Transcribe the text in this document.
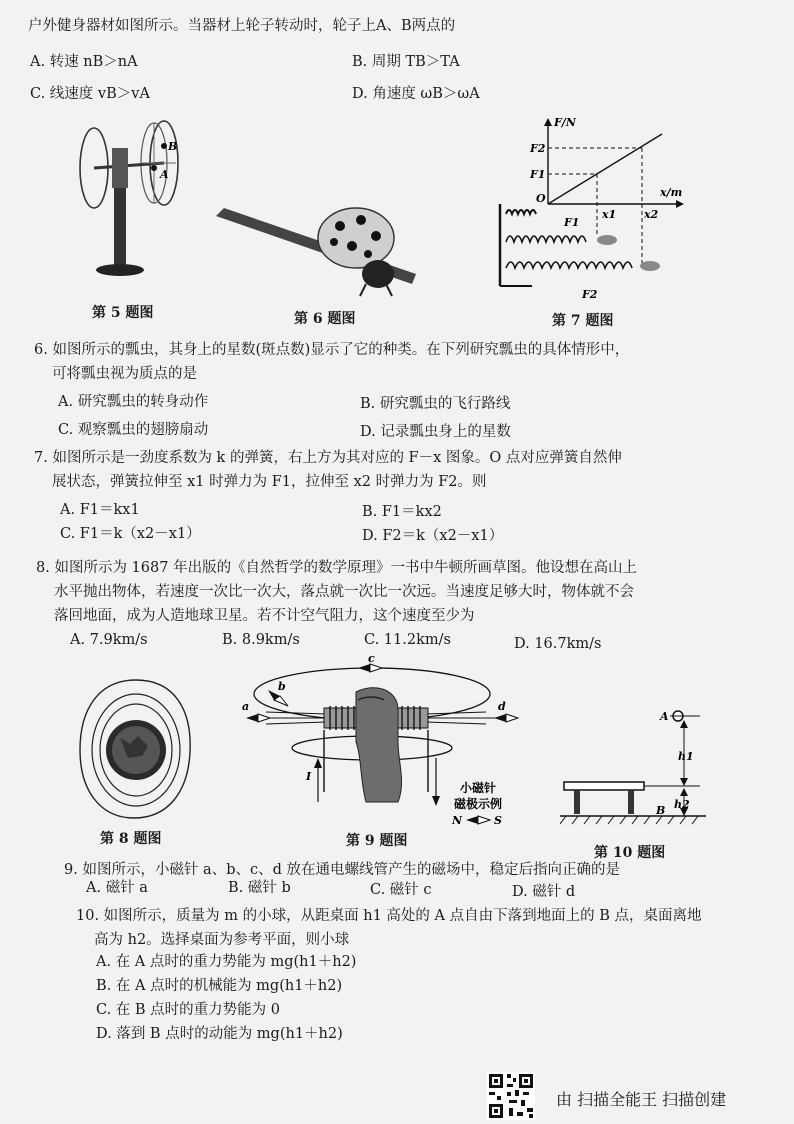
户外健身器材如图所示。当器材上轮子转动时，轮子上A、B两点的
A. 转速 nB＞nA	B. 周期 TB＞TA
C. 线速度 vB＞vA	D. 角速度 ωB＞ωA
A
B
第 5 题图	第 6 题图
F/N
x/m
O
F2
F1
x1	x2
F1
F2
第 7 题图
6. 如图所示的瓢虫，其身上的星数(斑点数)显示了它的种类。在下列研究瓢虫的具体情形中，
可将瓢虫视为质点的是
A. 研究瓢虫的转身动作	B. 研究瓢虫的飞行路线
C. 观察瓢虫的翅膀扇动	D. 记录瓢虫身上的星数
7. 如图所示是一劲度系数为 k 的弹簧，右上方为其对应的 F－x 图象。O 点对应弹簧自然伸
展状态，弹簧拉伸至 x1 时弹力为 F1，拉伸至 x2 时弹力为 F2。则
A. F1＝kx1	B. F1＝kx2
C. F1＝k（x2－x1）	D. F2＝k（x2－x1）
8. 如图所示为 1687 年出版的《自然哲学的数学原理》一书中牛顿所画草图。他设想在高山上
水平抛出物体，若速度一次比一次大，落点就一次比一次远。当速度足够大时，物体就不会
落回地面，成为人造地球卫星。若不计空气阻力，这个速度至少为
A. 7.9km/s	B. 8.9km/s	C. 11.2km/s	D. 16.7km/s
第 8 题图
a
b
c
d
I
小磁针
磁极示例
N	S
第 9 题图
A
h1
h2
B
第 10 题图
9. 如图所示，小磁针 a、b、c、d 放在通电螺线管产生的磁场中，稳定后指向正确的是
A. 磁针 a	B. 磁针 b	C. 磁针 c	D. 磁针 d
10. 如图所示，质量为 m 的小球，从距桌面 h1 高处的 A 点自由下落到地面上的 B 点，桌面离地
高为 h2。选择桌面为参考平面，则小球
A. 在 A 点时的重力势能为 mg(h1＋h2)
B. 在 A 点时的机械能为 mg(h1＋h2)
C. 在 B 点时的重力势能为 0
D. 落到 B 点时的动能为 mg(h1＋h2)
由 扫描全能王 扫描创建
